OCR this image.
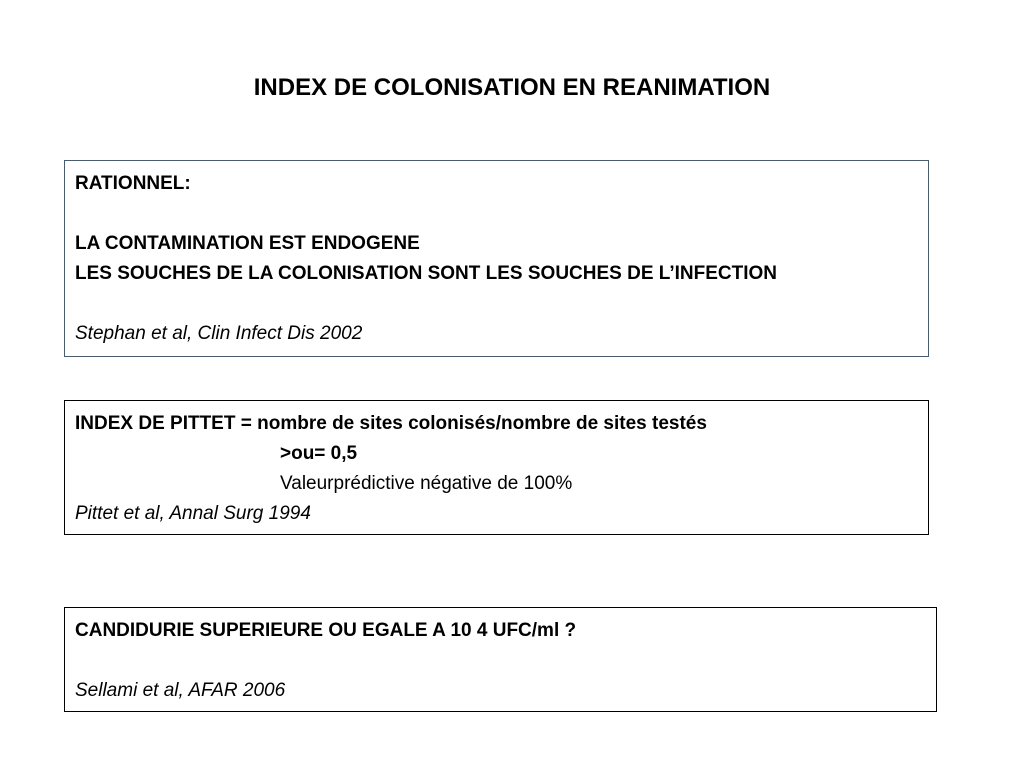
INDEX DE COLONISATION EN REANIMATION
RATIONNEL:
LA CONTAMINATION EST ENDOGENE
LES SOUCHES DE LA COLONISATION SONT LES SOUCHES DE L’INFECTION
Stephan et al, Clin Infect Dis 2002
INDEX DE PITTET = nombre de sites colonisés/nombre de sites testés
>ou= 0,5
Valeurprédictive négative de 100%
Pittet et al, Annal Surg 1994
CANDIDURIE SUPERIEURE OU EGALE A 10 4 UFC/ml ?
Sellami et al, AFAR 2006
